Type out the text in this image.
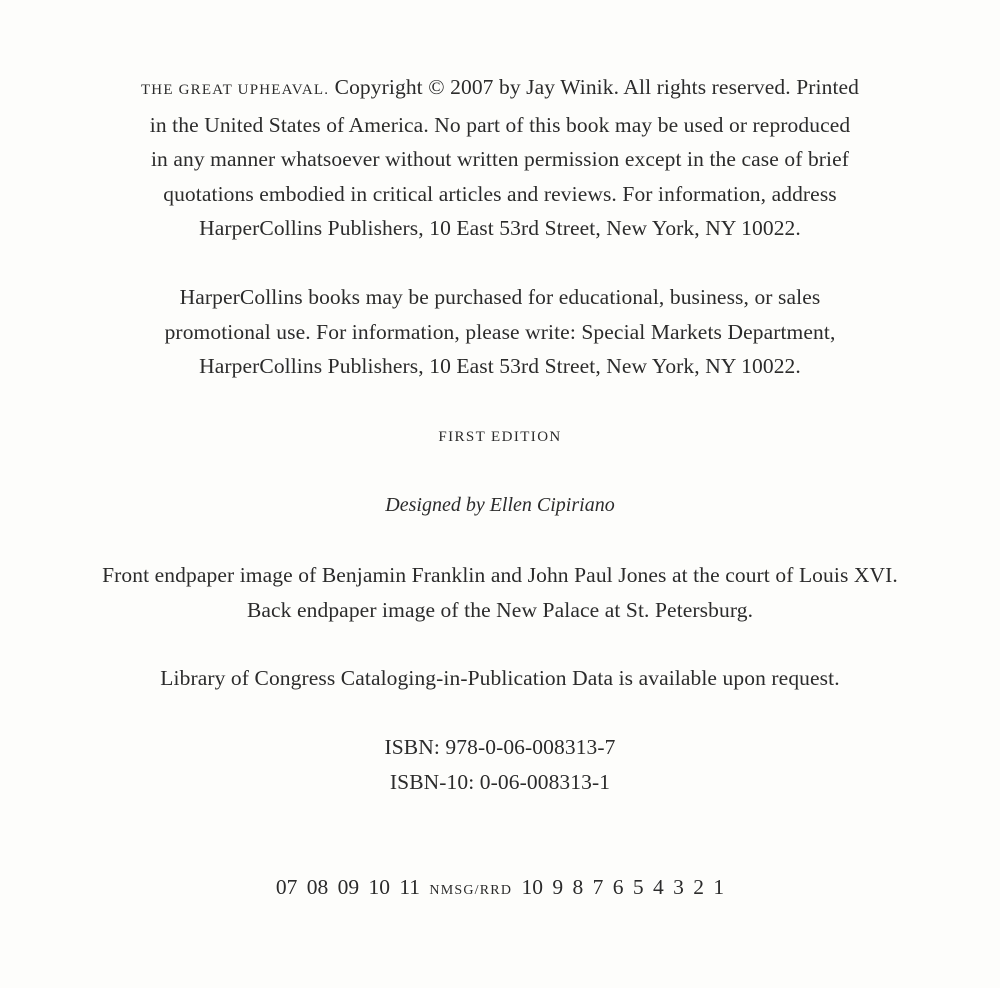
THE GREAT UPHEAVAL. Copyright © 2007 by Jay Winik. All rights reserved. Printed
in the United States of America. No part of this book may be used or reproduced
in any manner whatsoever without written permission except in the case of brief
quotations embodied in critical articles and reviews. For information, address
HarperCollins Publishers, 10 East 53rd Street, New York, NY 10022.
HarperCollins books may be purchased for educational, business, or sales
promotional use. For information, please write: Special Markets Department,
HarperCollins Publishers, 10 East 53rd Street, New York, NY 10022.
FIRST EDITION
Designed by Ellen Cipiriano
Front endpaper image of Benjamin Franklin and John Paul Jones at the court of Louis XVI.
Back endpaper image of the New Palace at St. Petersburg.
Library of Congress Cataloging-in-Publication Data is available upon request.
ISBN: 978-0-06-008313-7
ISBN-10: 0-06-008313-1
07 08 09 10 11 NMSG/RRD 10 9 8 7 6 5 4 3 2 1
